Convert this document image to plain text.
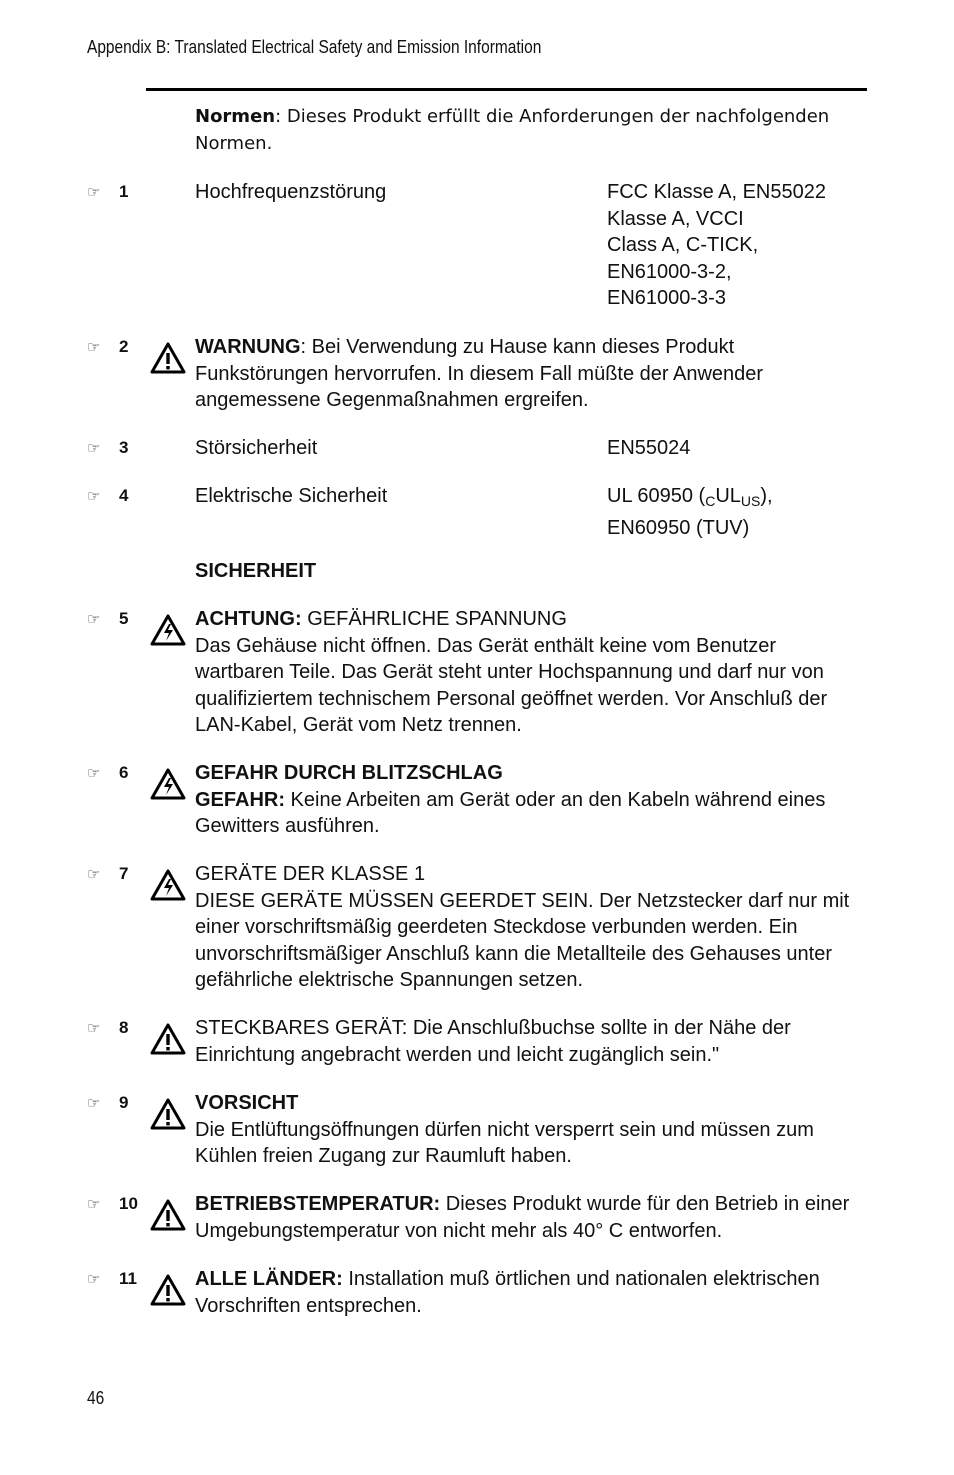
Appendix B: Translated Electrical Safety and Emission Information
Normen: Dieses Produkt erfüllt die Anforderungen der nachfolgenden Normen.
☞ 1	Hochfrequenzstörung	FCC Klasse A, EN55022
Klasse A, VCCI
Class A, C-TICK,
EN61000-3-2,
EN61000-3-3
☞ 2	WARNUNG: Bei Verwendung zu Hause kann dieses Produkt Funkstörungen hervorrufen. In diesem Fall müßte der Anwender angemessene Gegenmaßnahmen ergreifen.
☞ 3	Störsicherheit	EN55024
☞ 4	Elektrische Sicherheit	UL 60950 $(_CUL_{US})$,
EN60950 (TUV)
SICHERHEIT
☞ 5	ACHTUNG: GEFÄHRLICHE SPANNUNG
Das Gehäuse nicht öffnen. Das Gerät enthält keine vom Benutzer wartbaren Teile. Das Gerät steht unter Hochspannung und darf nur von qualifiziertem technischem Personal geöffnet werden. Vor Anschluß der LAN-Kabel, Gerät vom Netz trennen.
☞ 6	GEFAHR DURCH BLITZSCHLAG
GEFAHR: Keine Arbeiten am Gerät oder an den Kabeln während eines Gewitters ausführen.
☞ 7	GERÄTE DER KLASSE 1
DIESE GERÄTE MÜSSEN GEERDET SEIN. Der Netzstecker darf nur mit einer vorschriftsmäßig geerdeten Steckdose verbunden werden. Ein unvorschriftsmäßiger Anschluß kann die Metallteile des Gehauses unter gefährliche elektrische Spannungen setzen.
☞ 8	STECKBARES GERÄT: Die Anschlußbuchse sollte in der Nähe der Einrichtung angebracht werden und leicht zugänglich sein."
☞ 9	VORSICHT
Die Entlüftungsöffnungen dürfen nicht versperrt sein und müssen zum Kühlen freien Zugang zur Raumluft haben.
☞ 10	BETRIEBSTEMPERATUR: Dieses Produkt wurde für den Betrieb in einer Umgebungstemperatur von nicht mehr als 40° C entworfen.
☞ 11	ALLE LÄNDER: Installation muß örtlichen und nationalen elektrischen Vorschriften entsprechen.
46
